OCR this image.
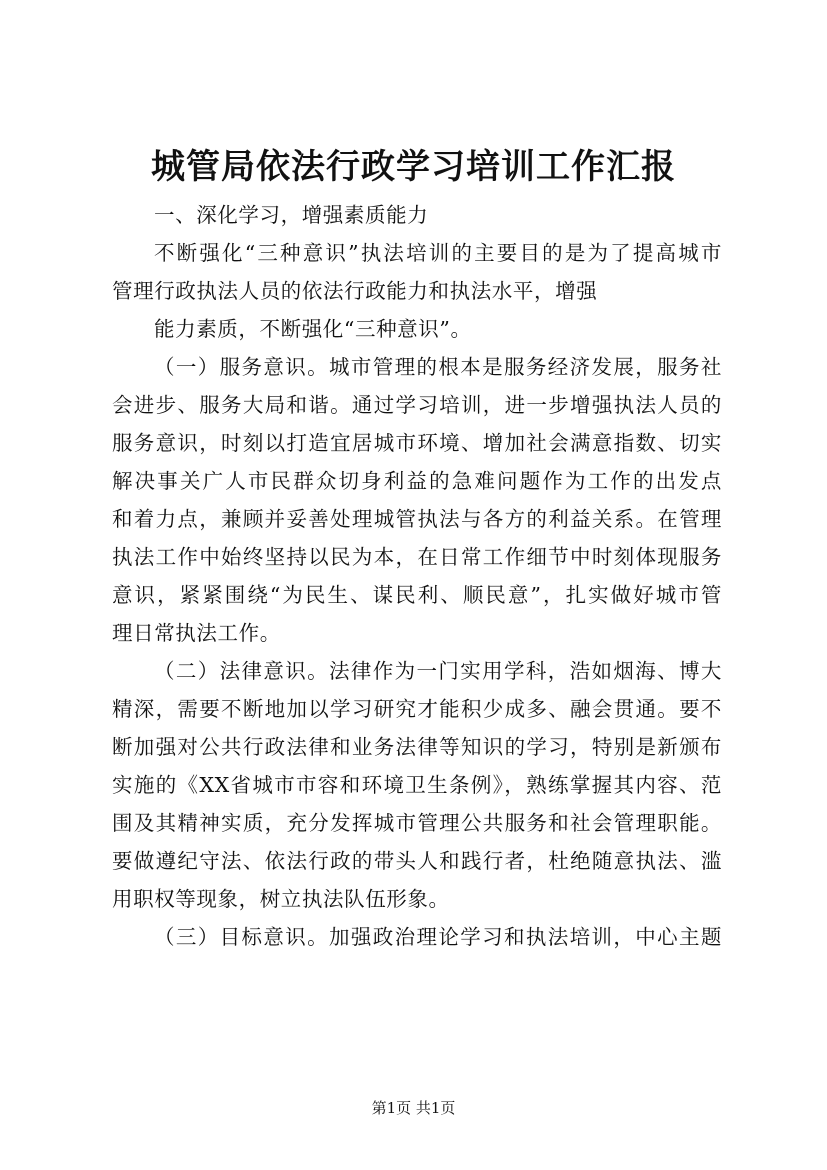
城管局依法行政学习培训工作汇报
一、深化学习，增强素质能力
不断强化“三种意识”执法培训的主要目的是为了提高城市
管理行政执法人员的依法行政能力和执法水平，增强
能力素质，不断强化“三种意识”。
（一）服务意识。城市管理的根本是服务经济发展，服务社
会进步、服务大局和谐。通过学习培训，进一步增强执法人员的
服务意识，时刻以打造宜居城市环境、增加社会满意指数、切实
解决事关广人市民群众切身利益的急难问题作为工作的出发点
和着力点，兼顾并妥善处理城管执法与各方的利益关系。在管理
执法工作中始终坚持以民为本，在日常工作细节中时刻体现服务
意识，紧紧围绕“为民生、谋民利、顺民意”，扎实做好城市管
理日常执法工作。
（二）法律意识。法律作为一门实用学科，浩如烟海、博大
精深，需要不断地加以学习研究才能积少成多、融会贯通。要不
断加强对公共行政法律和业务法律等知识的学习，特别是新颁布
实施的《XX省城市市容和环境卫生条例》，熟练掌握其内容、范
围及其精神实质，充分发挥城市管理公共服务和社会管理职能。
要做遵纪守法、依法行政的带头人和践行者，杜绝随意执法、滥
用职权等现象，树立执法队伍形象。
（三）目标意识。加强政治理论学习和执法培训，中心主题
第1页 共1页
